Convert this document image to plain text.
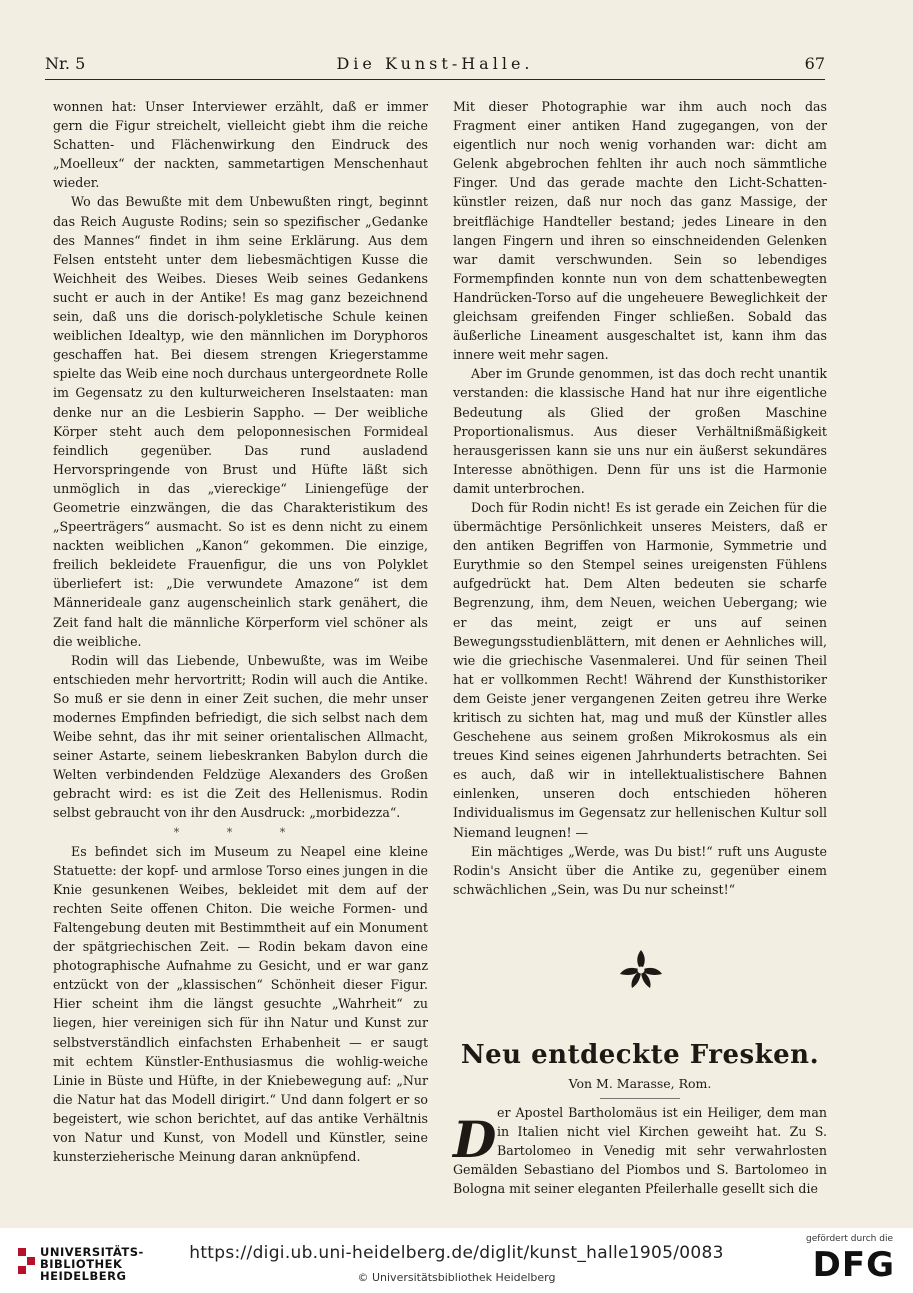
Nr. 5	Die Kunst-Halle.	67

wonnen hat: Unser Interviewer erzählt, daß er immer gern die Figur streichelt, vielleicht giebt ihm die reiche Schatten- und Flächenwirkung den Eindruck des „Moelleux“ der nackten, sammetartigen Menschenhaut wieder.

Wo das Bewußte mit dem Unbewußten ringt, beginnt das Reich Auguste Rodins; sein so spezifischer „Gedanke des Mannes“ findet in ihm seine Erklärung. Aus dem Felsen entsteht unter dem liebesmächtigen Kusse die Weichheit des Weibes. Dieses Weib seines Gedankens sucht er auch in der Antike! Es mag ganz bezeichnend sein, daß uns die dorisch-polykletische Schule keinen weiblichen Idealtyp, wie den männlichen im Doryphoros geschaffen hat. Bei diesem strengen Kriegerstamme spielte das Weib eine noch durchaus untergeordnete Rolle im Gegensatz zu den kulturweicheren Inselstaaten: man denke nur an die Lesbierin Sappho. — Der weibliche Körper steht auch dem peloponnesischen Formideal feindlich gegenüber. Das rund ausladend Hervorspringende von Brust und Hüfte läßt sich unmöglich in das „viereckige“ Liniengefüge der Geometrie einzwängen, die das Charakteristikum des „Speerträgers“ ausmacht. So ist es denn nicht zu einem nackten weiblichen „Kanon“ gekommen. Die einzige, freilich bekleidete Frauenfigur, die uns von Polyklet überliefert ist: „Die verwundete Amazone“ ist dem Männerideale ganz augenscheinlich stark genähert, die Zeit fand halt die männliche Körperform viel schöner als die weibliche.

Rodin will das Liebende, Unbewußte, was im Weibe entschieden mehr hervortritt; Rodin will auch die Antike. So muß er sie denn in einer Zeit suchen, die mehr unser modernes Empfinden befriedigt, die sich selbst nach dem Weibe sehnt, das ihr mit seiner orientalischen Allmacht, seiner Astarte, seinem liebeskranken Babylon durch die Welten verbindenden Feldzüge Alexanders des Großen gebracht wird: es ist die Zeit des Hellenismus. Rodin selbst gebraucht von ihr den Ausdruck: „morbidezza“.

* * *

Es befindet sich im Museum zu Neapel eine kleine Statuette: der kopf- und armlose Torso eines jungen in die Knie gesunkenen Weibes, bekleidet mit dem auf der rechten Seite offenen Chiton. Die weiche Formen- und Faltengebung deuten mit Bestimmtheit auf ein Monument der spätgriechischen Zeit. — Rodin bekam davon eine photographische Aufnahme zu Gesicht, und er war ganz entzückt von der „klassischen“ Schönheit dieser Figur. Hier scheint ihm die längst gesuchte „Wahrheit“ zu liegen, hier vereinigen sich für ihn Natur und Kunst zur selbstverständlich einfachsten Erhabenheit — er saugt mit echtem Künstler-Enthusiasmus die wohlig-weiche Linie in Büste und Hüfte, in der Kniebewegung auf: „Nur die Natur hat das Modell dirigirt.“ Und dann folgert er so begeistert, wie schon berichtet, auf das antike Verhältnis von Natur und Kunst, von Modell und Künstler, seine kunsterzieherische Meinung daran anknüpfend.

Mit dieser Photographie war ihm auch noch das Fragment einer antiken Hand zugegangen, von der eigentlich nur noch wenig vorhanden war: dicht am Gelenk abgebrochen fehlten ihr auch noch sämmtliche Finger. Und das gerade machte den Licht-Schatten-künstler reizen, daß nur noch das ganz Massige, der breitflächige Handteller bestand; jedes Lineare in den langen Fingern und ihren so einschneidenden Gelenken war damit verschwunden. Sein so lebendiges Formempfinden konnte nun von dem schattenbewegten Handrücken-Torso auf die ungeheuere Beweglichkeit der gleichsam greifenden Finger schließen. Sobald das äußerliche Lineament ausgeschaltet ist, kann ihm das innere weit mehr sagen.

Aber im Grunde genommen, ist das doch recht unantik verstanden: die klassische Hand hat nur ihre eigentliche Bedeutung als Glied der großen Maschine Proportionalismus. Aus dieser Verhältnißmäßigkeit herausgerissen kann sie uns nur ein äußerst sekundäres Interesse abnöthigen. Denn für uns ist die Harmonie damit unterbrochen.

Doch für Rodin nicht! Es ist gerade ein Zeichen für die übermächtige Persönlichkeit unseres Meisters, daß er den antiken Begriffen von Harmonie, Symmetrie und Eurythmie so den Stempel seines ureigensten Fühlens aufgedrückt hat. Dem Alten bedeuten sie scharfe Begrenzung, ihm, dem Neuen, weichen Uebergang; wie er das meint, zeigt er uns auf seinen Bewegungsstudienblättern, mit denen er Aehnliches will, wie die griechische Vasenmalerei. Und für seinen Theil hat er vollkommen Recht! Während der Kunsthistoriker dem Geiste jener vergangenen Zeiten getreu ihre Werke kritisch zu sichten hat, mag und muß der Künstler alles Geschehene aus seinem großen Mikrokosmus als ein treues Kind seines eigenen Jahrhunderts betrachten. Sei es auch, daß wir in intellektualistischere Bahnen einlenken, unseren doch entschieden höheren Individualismus im Gegensatz zur hellenischen Kultur soll Niemand leugnen! —

Ein mächtiges „Werde, was Du bist!“ ruft uns Auguste Rodin's Ansicht über die Antike zu, gegenüber einem schwächlichen „Sein, was Du nur scheinst!“

Neu entdeckte Fresken.
Von M. Marasse, Rom.

er Apostel Bartholomäus ist ein Heiliger, dem man in Italien nicht viel Kirchen geweiht hat. Zu S. Bartolomeo in Venedig mit sehr verwahrlosten Gemälden Sebastiano del Piombos und S. Bartolomeo in Bologna mit seiner eleganten Pfeilerhalle gesellt sich die

D
UNIVERSITÄTS-
BIBLIOTHEK
HEIDELBERG
https://digi.ub.uni-heidelberg.de/diglit/kunst_halle1905/0083
© Universitätsbibliothek Heidelberg
gefördert durch die
DFG
